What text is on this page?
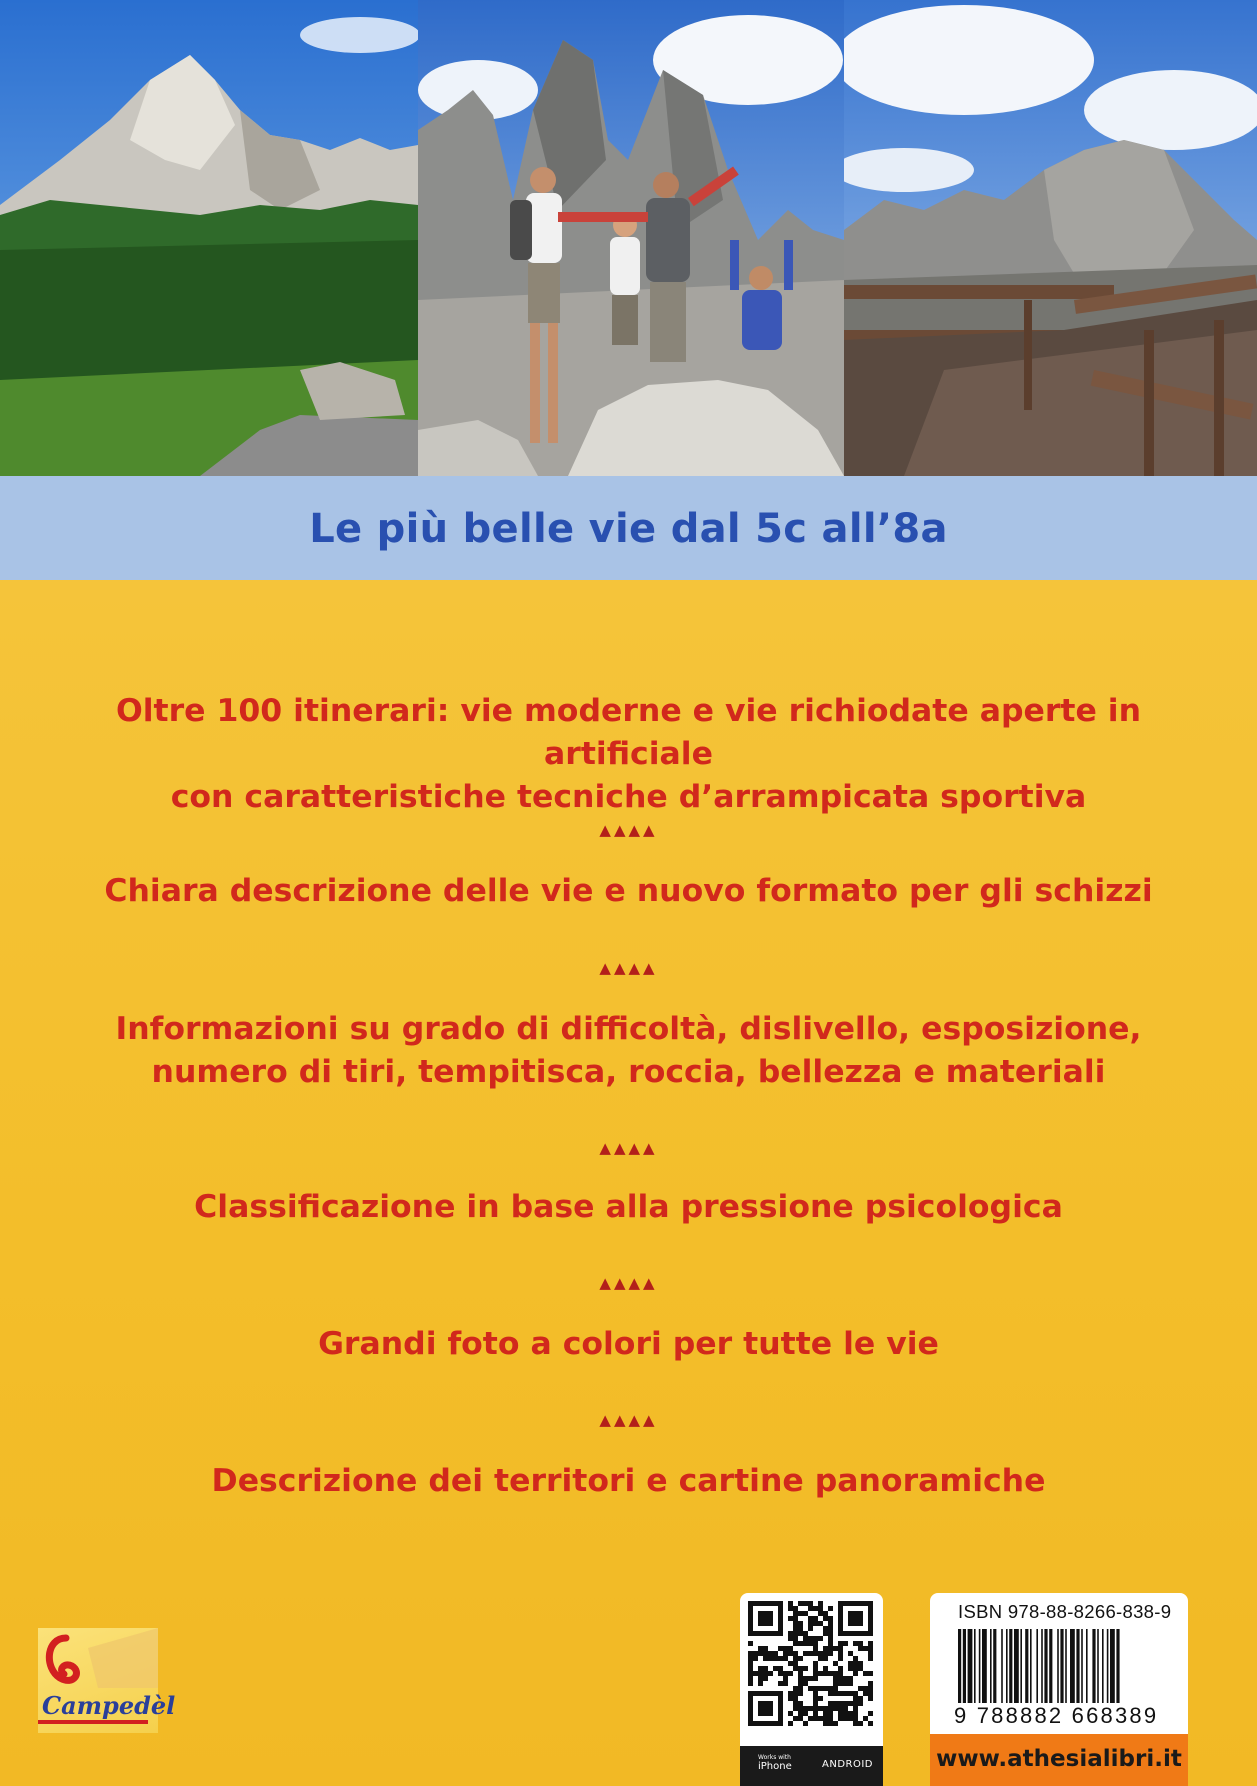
Le più belle vie dal 5c all’8a
Oltre 100 itinerari: vie moderne e vie richiodate aperte in artificiale
con caratteristiche tecniche d’arrampicata sportiva
▲▲▲▲
Chiara descrizione delle vie e nuovo formato per gli schizzi
▲▲▲▲
Informazioni su grado di difficoltà, dislivello, esposizione,
numero di tiri, tempitisca, roccia, bellezza e materiali
▲▲▲▲
Classificazione in base alla pressione psicologica
▲▲▲▲
Grandi foto a colori per tutte le vie
▲▲▲▲
Descrizione dei territori e cartine panoramiche
Campedèl
Works with
iPhone	ANDROID
ISBN 978-88-8266-838-9
9 788882 668389
www.athesialibri.it
